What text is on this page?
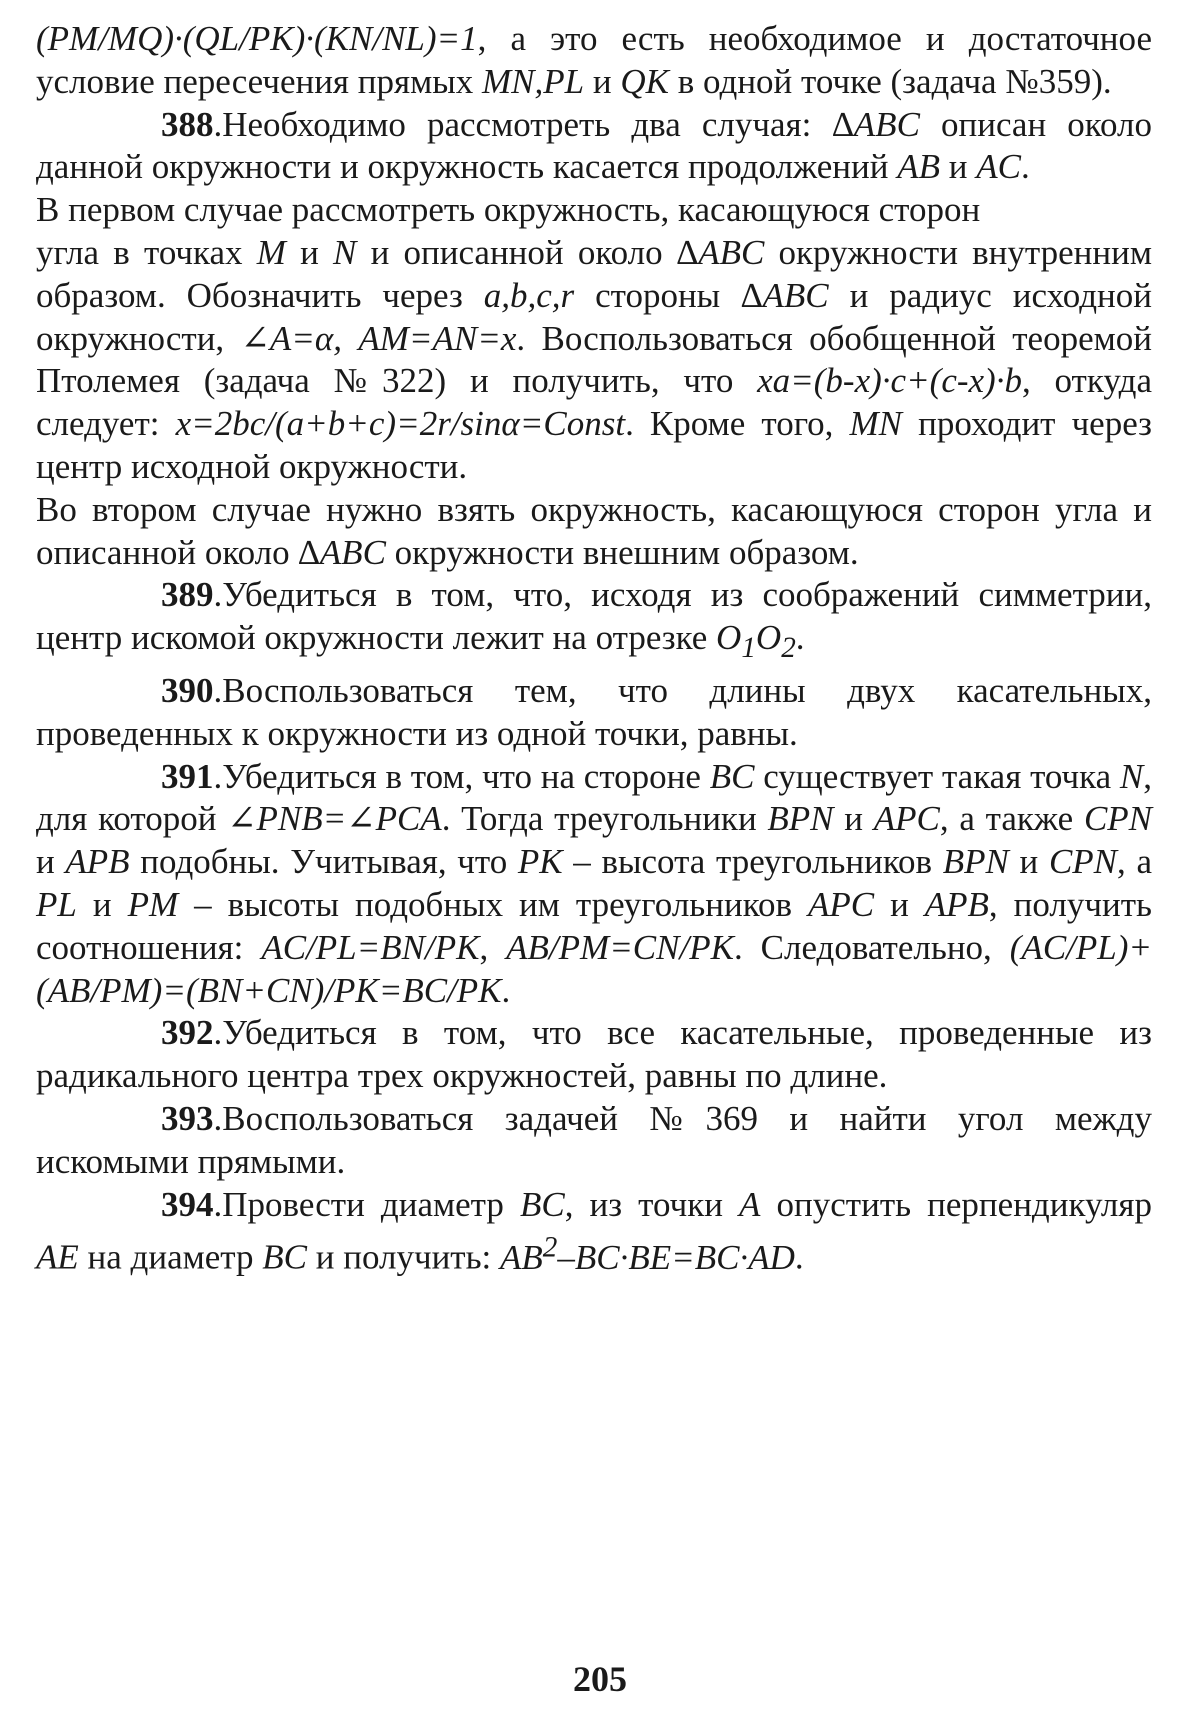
(PM/MQ)·(QL/PK)·(KN/NL)=1, а это есть необходимое и достаточное условие пересечения прямых MN,PL и QK в одной точке (задача №359).

388.Необходимо рассмотреть два случая: ∆ABC описан около данной окружности и окружность касается продолжений AB и AC.

В первом случае рассмотреть окружность, касающуюся сторон
угла в точках M и N и описанной около ∆ABC окружности внутренним образом. Обозначить через a,b,c,r стороны ∆ABC и радиус исходной окружности, ∠A=α, AM=AN=x. Воспользоваться обобщенной теоремой Птолемея (задача №322) и получить, что xa=(b-x)·c+(c-x)·b, откуда следует: x=2bc/(a+b+c)=2r/sinα=Const. Кроме того, MN проходит через центр исходной окружности.

Во втором случае нужно взять окружность, касающуюся сторон угла и описанной около ∆ABC окружности внешним образом.

389.Убедиться в том, что, исходя из соображений симметрии, центр искомой окружности лежит на отрезке $O_1O_2$.

390.Воспользоваться тем, что длины двух касательных, проведенных к окружности из одной точки, равны.

391.Убедиться в том, что на стороне BC существует такая точка N, для которой ∠PNB=∠PCA. Тогда треугольники BPN и APC, а также CPN и APB подобны. Учитывая, что PK – высота треугольников BPN и CPN, а PL и PM – высоты подобных им треугольников APC и APB, получить соотношения: AC/PL=BN/PK, AB/PM=CN/PK. Следовательно, (AC/PL)+(AB/PM)=(BN+CN)/PK=BC/PK.

392.Убедиться в том, что все касательные, проведенные из радикального центра трех окружностей, равны по длине.

393.Воспользоваться задачей №369 и найти угол между искомыми прямыми.

394.Провести диаметр BC, из точки A опустить перпендикуляр AE на диаметр BC и получить: $AB^2-BC\cdot BE=BC\cdot AD$.

205
